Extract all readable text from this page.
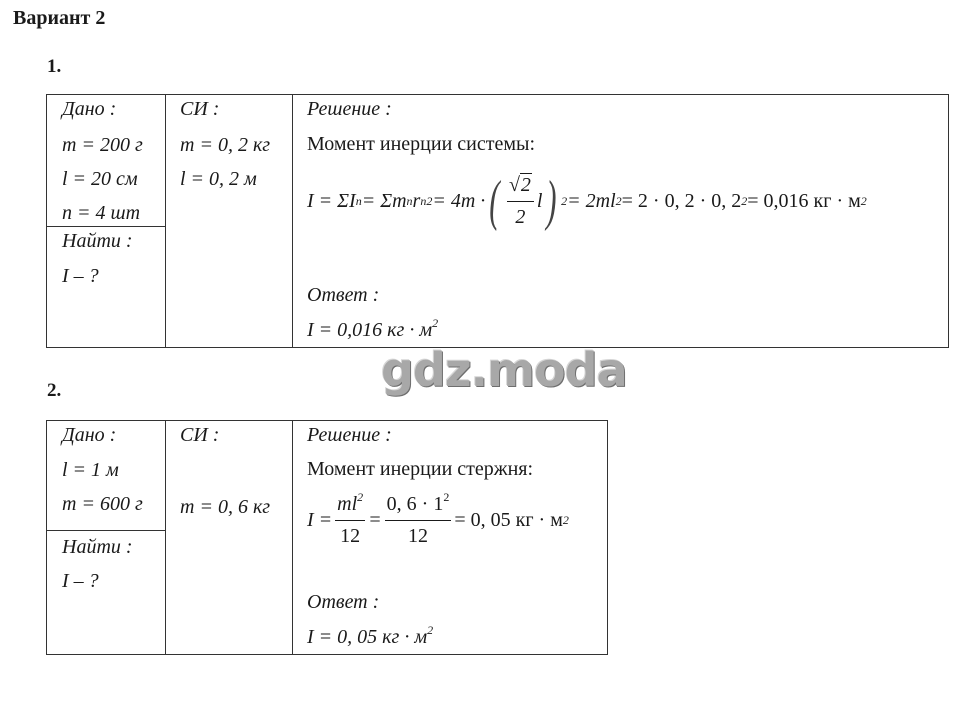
Вариант 2
1.
Дано :
m = 200 г
l = 20 см
n = 4 шт
Найти :
I – ?
СИ :
m = 0, 2 кг
l = 0, 2 м
Решение :
Момент инерции системы:
I = ΣI n = Σm n r n 2 = 4m · ( $\frac{√2}{2}$ l ) 2 = 2ml 2 = 2 · 0, 2 · 0, 2 2 = 0,016 кг · м 2
Ответ :
I = 0,016 кг · $м^2$
gdz.moda
2.
Дано :
l = 1 м
m = 600 г
Найти :
I – ?
СИ :
m = 0, 6 кг
Решение :
Момент инерции стержня:
$I = \frac{ml^2}{12} = \frac{0, 6 \cdot 1^2}{12} = 0$, 05 кг · м 2
Ответ :
I = 0, 05 кг · $м^2$
